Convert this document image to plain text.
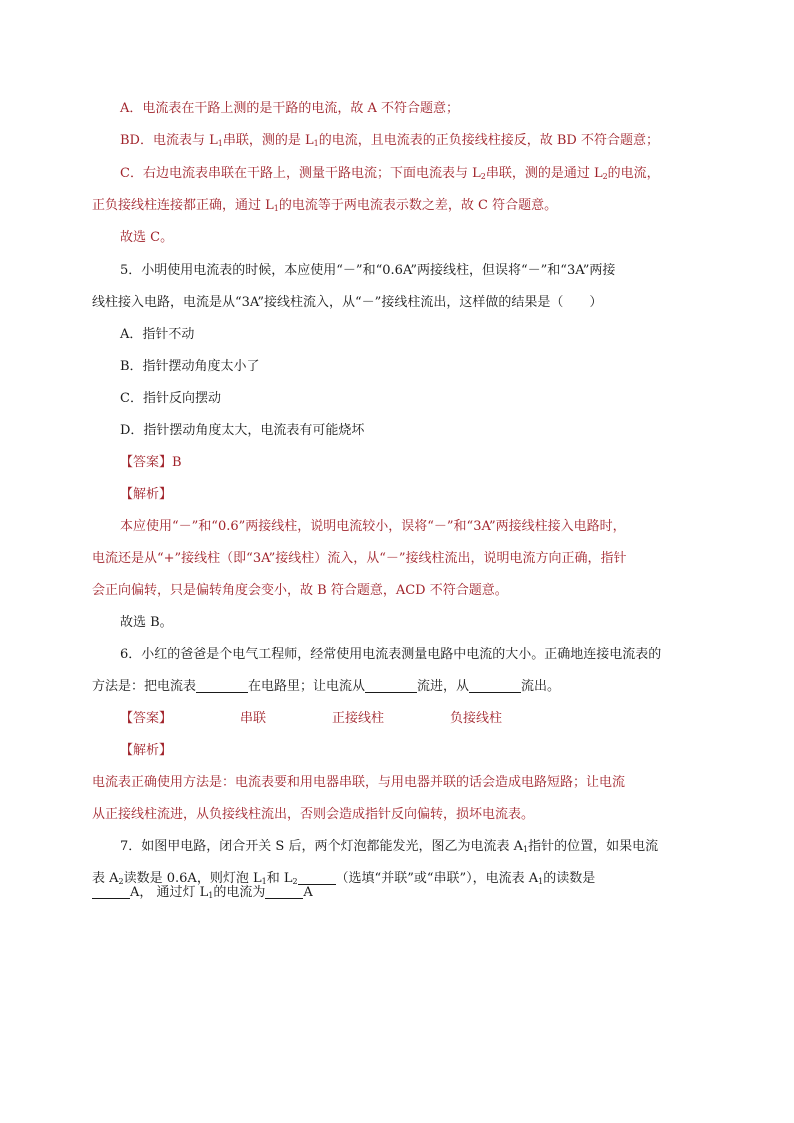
A．电流表在干路上测的是干路的电流，故 A 不符合题意；
BD．电流表与 $L_1$串联，测的是 $L_1$的电流，且电流表的正负接线柱接反，故 BD 不符合题意；
C．右边电流表串联在干路上，测量干路电流；下面电流表与 $L_2$串联，测的是通过 $L_2$的电流，
正负接线柱连接都正确，通过 $L_1$的电流等于两电流表示数之差，故 C 符合题意。
故选 C。
5．小明使用电流表的时候，本应使用“－”和“0.6A”两接线柱，但误将“－”和“3A”两接
线柱接入电路，电流是从“3A”接线柱流入，从“－”接线柱流出，这样做的结果是（　　）
A．指针不动
B．指针摆动角度太小了
C．指针反向摆动
D．指针摆动角度太大，电流表有可能烧坏
【答案】B
【解析】
本应使用“－”和“0.6”两接线柱，说明电流较小，误将“－”和“3A”两接线柱接入电路时，
电流还是从“+”接线柱（即“3A”接线柱）流入，从“－”接线柱流出，说明电流方向正确，指针
会正向偏转，只是偏转角度会变小，故 B 符合题意，ACD 不符合题意。
故选 B。
6．小红的爸爸是个电气工程师，经常使用电流表测量电路中电流的大小。正确地连接电流表的
方法是：把电流表	在电路里；让电流从	流进，从	流出。
【答案】	串联	正接线柱	负接线柱
【解析】
电流表正确使用方法是：电流表要和用电器串联，与用电器并联的话会造成电路短路；让电流
从正接线柱流进，从负接线柱流出，否则会造成指针反向偏转，损坏电流表。
7．如图甲电路，闭合开关 S 后，两个灯泡都能发光，图乙为电流表 $A_1$指针的位置，如果电流
表 $A_2$读数是 0.6A，则灯泡 $L_1$和 $L_2$	（选填“并联”或“串联”），电流表 $A_1$的读数是
A， 通过灯 $L_1$的电流为	A
